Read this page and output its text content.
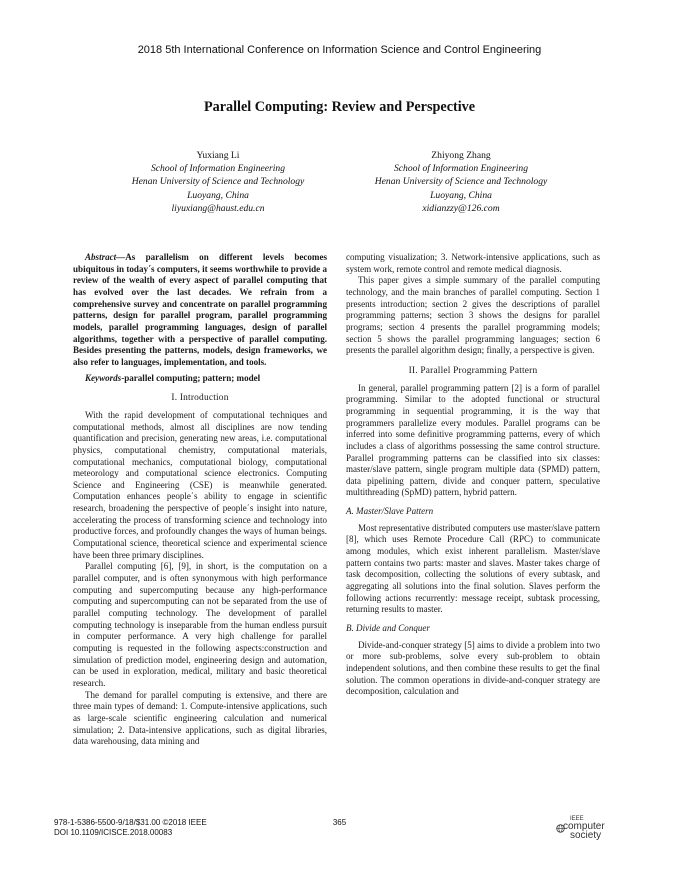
2018 5th International Conference on Information Science and Control Engineering
Parallel Computing: Review and Perspective
Yuxiang Li
School of Information Engineering
Henan University of Science and Technology
Luoyang, China
liyuxiang@haust.edu.cn
Zhiyong Zhang
School of Information Engineering
Henan University of Science and Technology
Luoyang, China
xidianzzy@126.com

Abstract—As parallelism on different levels becomes ubiquitous in today΄s computers, it seems worthwhile to provide a review of the wealth of every aspect of parallel computing that has evolved over the last decades. We refrain from a comprehensive survey and concentrate on parallel programming patterns, design for parallel program, parallel programming models, parallel programming languages, design of parallel algorithms, together with a perspective of parallel computing. Besides presenting the patterns, models, design frameworks, we also refer to languages, implementation, and tools.

Keywords-parallel computing; pattern; model

I. Introduction

With the rapid development of computational techniques and computational methods, almost all disciplines are now tending quantification and precision, generating new areas, i.e. computational physics, computational chemistry, computational materials, computational mechanics, computational biology, computational meteorology and computational science electronics. Computing Science and Engineering (CSE) is meanwhile generated. Computation enhances people΄s ability to engage in scientific research, broadening the perspective of people΄s insight into nature, accelerating the process of transforming science and technology into productive forces, and profoundly changes the ways of human beings. Computational science, theoretical science and experimental science have been three primary disciplines.

Parallel computing [6], [9], in short, is the computation on a parallel computer, and is often synonymous with high performance computing and supercomputing because any high-performance computing and supercomputing can not be separated from the use of parallel computing technology. The development of parallel computing technology is inseparable from the human endless pursuit in computer performance. A very high challenge for parallel computing is requested in the following aspects:construction and simulation of prediction model, engineering design and automation, can be used in exploration, medical, military and basic theoretical research.

The demand for parallel computing is extensive, and there are three main types of demand: 1. Compute-intensive applications, such as large-scale scientific engineering calculation and numerical simulation; 2. Data-intensive applications, such as digital libraries, data warehousing, data mining and

computing visualization; 3. Network-intensive applications, such as system work, remote control and remote medical diagnosis.

This paper gives a simple summary of the parallel computing technology, and the main branches of parallel computing. Section 1 presents introduction; section 2 gives the descriptions of parallel programming patterns; section 3 shows the designs for parallel programs; section 4 presents the parallel programming models; section 5 shows the parallel programming languages; section 6 presents the parallel algorithm design; finally, a perspective is given.

II. Parallel Programming Pattern

In general, parallel programming pattern [2] is a form of parallel programming. Similar to the adopted functional or structural programming in sequential programming, it is the way that programmers parallelize every modules. Parallel programs can be inferred into some definitive programming patterns, every of which includes a class of algorithms possessing the same control structure. Parallel programming patterns can be classified into six classes: master/slave pattern, single program multiple data (SPMD) pattern, data pipelining pattern, divide and conquer pattern, speculative multithreading (SpMD) pattern, hybrid pattern.

A. Master/Slave Pattern

Most representative distributed computers use master/slave pattern [8], which uses Remote Procedure Call (RPC) to communicate among modules, which exist inherent parallelism. Master/slave pattern contains two parts: master and slaves. Master takes charge of task decomposition, collecting the solutions of every subtask, and aggregating all solutions into the final solution. Slaves perform the following actions recurrently: message receipt, subtask processing, returning results to master.

B. Divide and Conquer

Divide-and-conquer strategy [5] aims to divide a problem into two or more sub-problems, solve every sub-problem to obtain independent solutions, and then combine these results to get the final solution. The common operations in divide-and-conquer strategy are decomposition, calculation and

978-1-5386-5500-9/18/$31.00 ©2018 IEEE
DOI 10.1109/ICISCE.2018.00083
365	IEEE
computer
society
